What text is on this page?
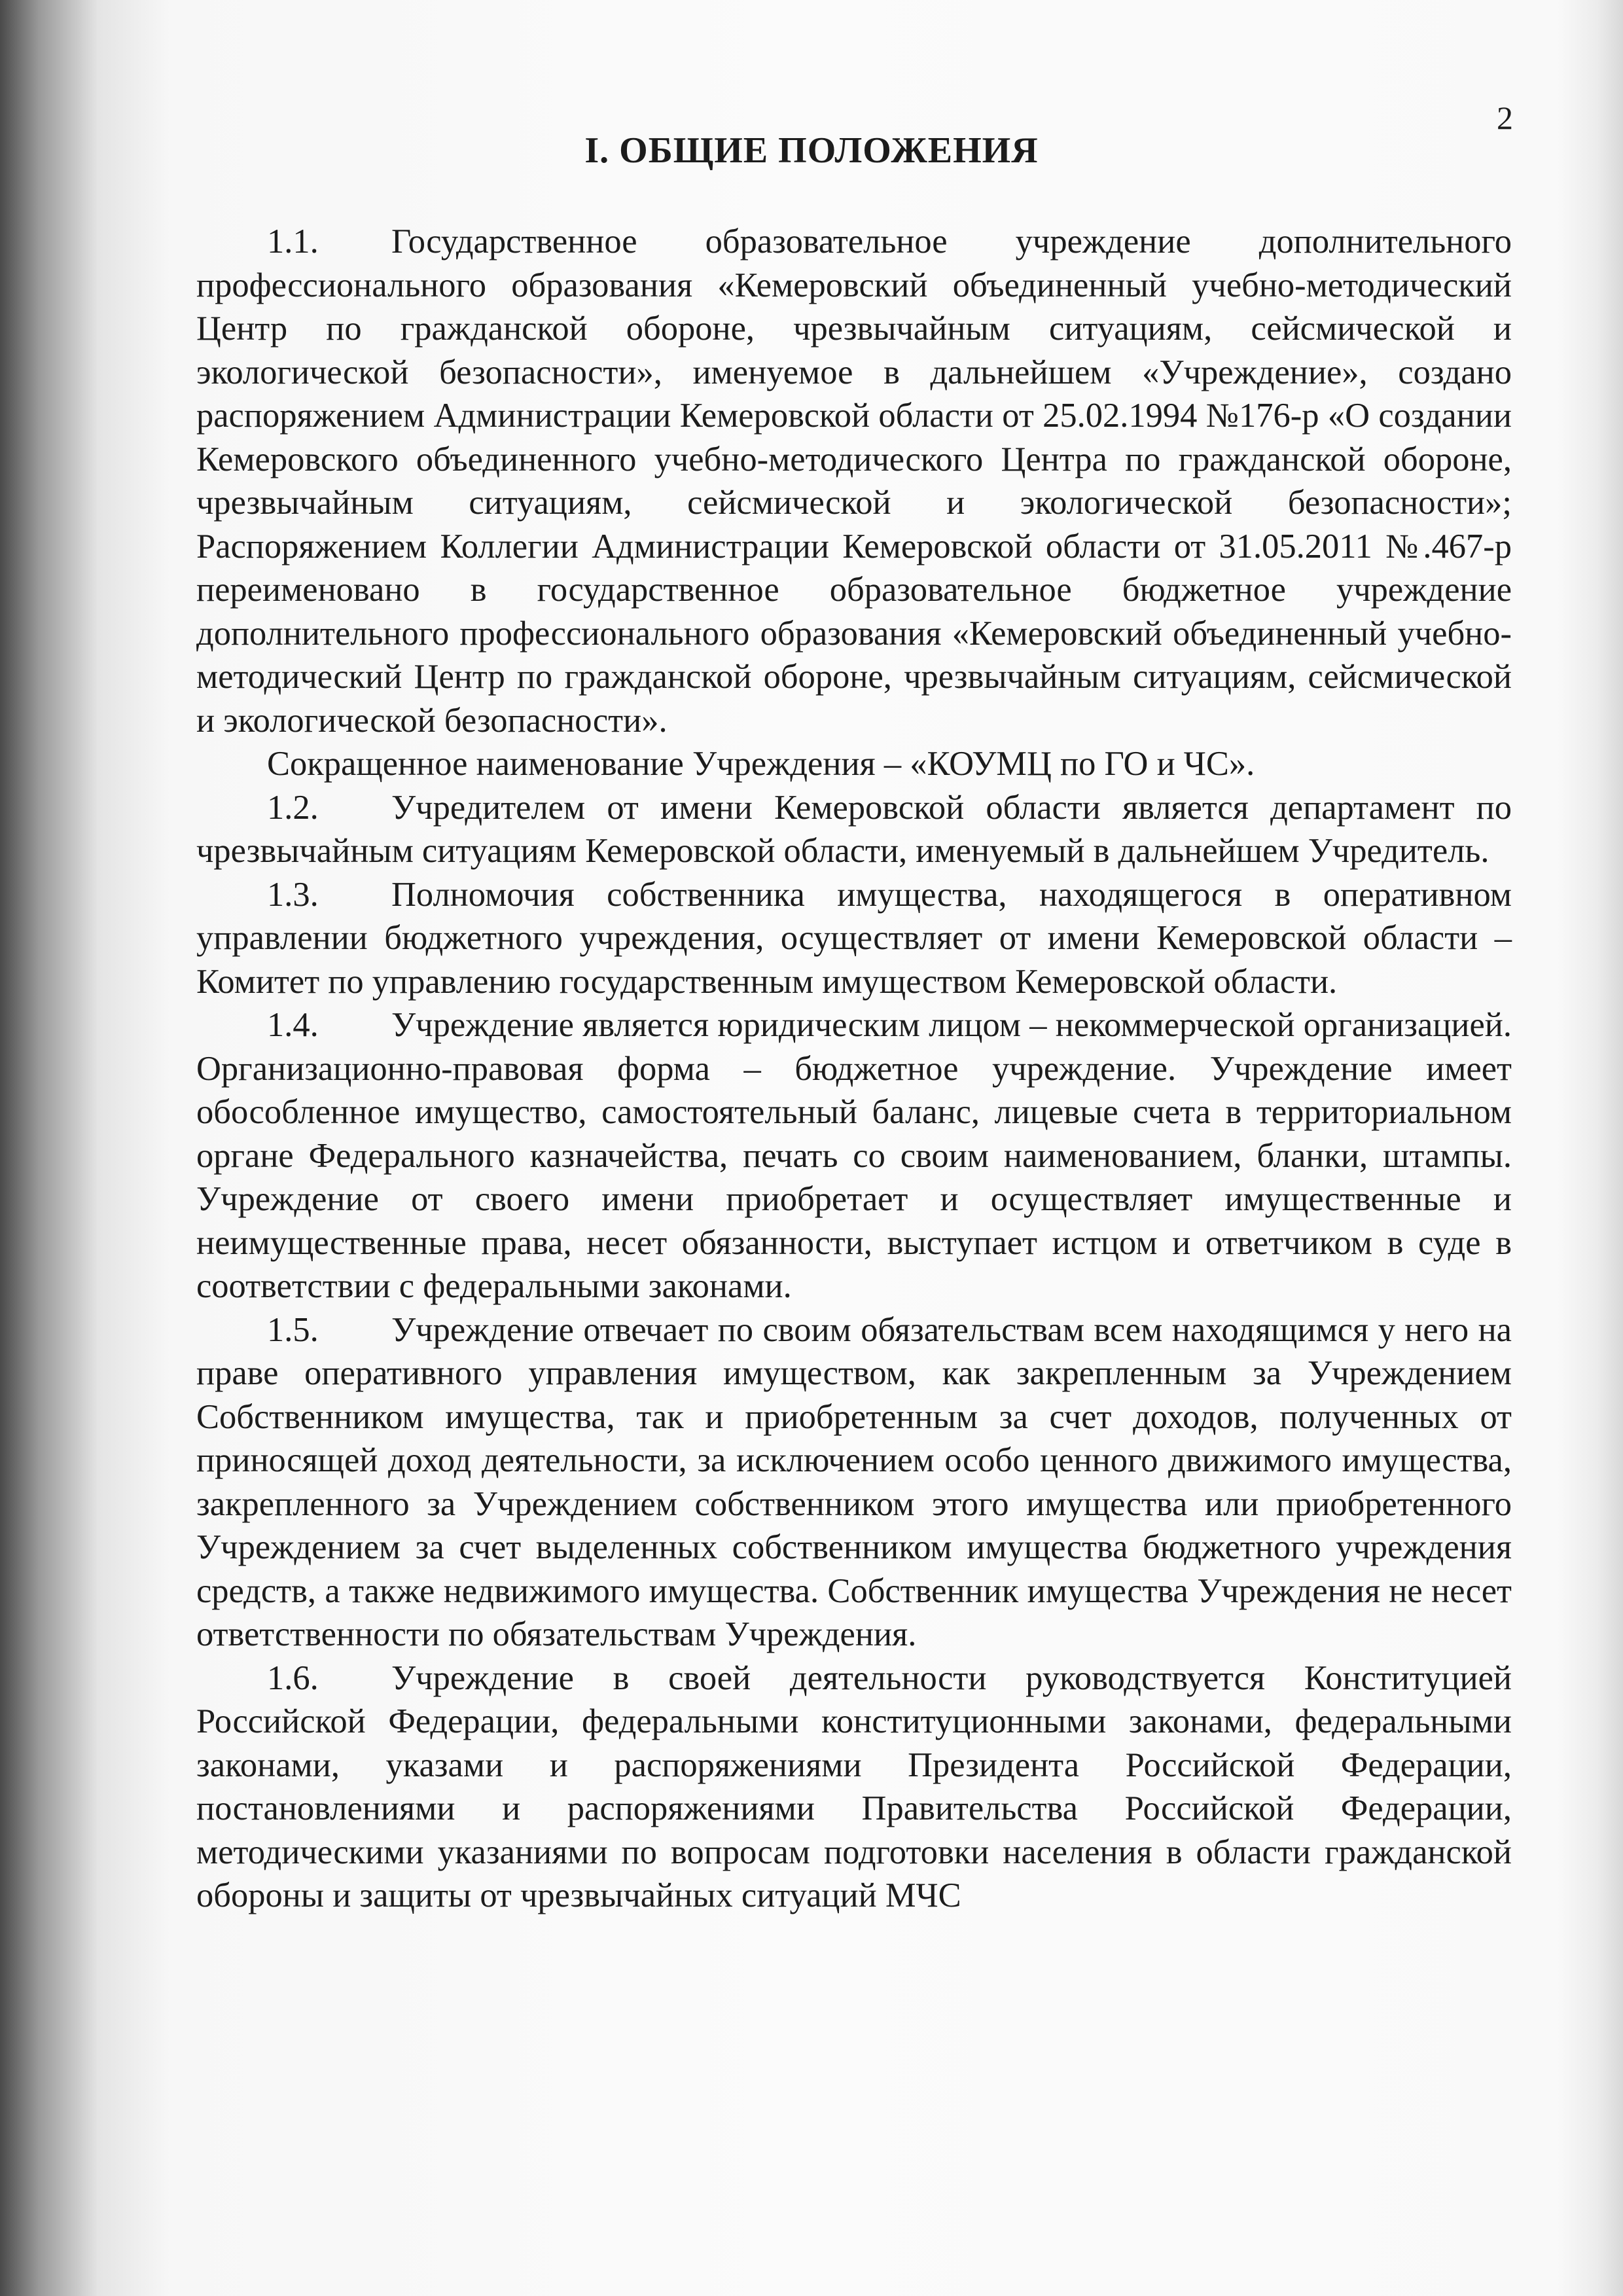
2
I. ОБЩИЕ ПОЛОЖЕНИЯ

1.1. Государственное образовательное учреждение дополнительного профессионального образования «Кемеровский объединенный учебно-методический Центр по гражданской обороне, чрезвычайным ситуациям, сейсмической и экологической безопасности», именуемое в дальнейшем «Учреждение», создано распоряжением Администрации Кемеровской области от 25.02.1994 №176-р «О создании Кемеровского объединенного учебно-методического Центра по гражданской обороне, чрезвычайным ситуациям, сейсмической и экологической безопасности»; Распоряжением Коллегии Администрации Кемеровской области от 31.05.2011 №.467-р переименовано в государственное образовательное бюджетное учреждение дополнительного профессионального образования «Кемеровский объединенный учебно-методический Центр по гражданской обороне, чрезвычайным ситуациям, сейсмической и экологической безопасности».

Сокращенное наименование Учреждения – «КОУМЦ по ГО и ЧС».

1.2. Учредителем от имени Кемеровской области является департамент по чрезвычайным ситуациям Кемеровской области, именуемый в дальнейшем Учредитель.

1.3. Полномочия собственника имущества, находящегося в оперативном управлении бюджетного учреждения, осуществляет от имени Кемеровской области – Комитет по управлению государственным имуществом Кемеровской области.

1.4. Учреждение является юридическим лицом – некоммерческой организацией. Организационно-правовая форма – бюджетное учреждение. Учреждение имеет обособленное имущество, самостоятельный баланс, лицевые счета в территориальном органе Федерального казначейства, печать со своим наименованием, бланки, штампы. Учреждение от своего имени приобретает и осуществляет имущественные и неимущественные права, несет обязанности, выступает истцом и ответчиком в суде в соответствии с федеральными законами.

1.5. Учреждение отвечает по своим обязательствам всем находящимся у него на праве оперативного управления имуществом, как закрепленным за Учреждением Собственником имущества, так и приобретенным за счет доходов, полученных от приносящей доход деятельности, за исключением особо ценного движимого имущества, закрепленного за Учреждением собственником этого имущества или приобретенного Учреждением за счет выделенных собственником имущества бюджетного учреждения средств, а также недвижимого имущества. Собственник имущества Учреждения не несет ответственности по обязательствам Учреждения.

1.6. Учреждение в своей деятельности руководствуется Конституцией Российской Федерации, федеральными конституционными законами, федеральными законами, указами и распоряжениями Президента Российской Федерации, постановлениями и распоряжениями Правительства Российской Федерации, методическими указаниями по вопросам подготовки населения в области гражданской обороны и защиты от чрезвычайных ситуаций МЧС
